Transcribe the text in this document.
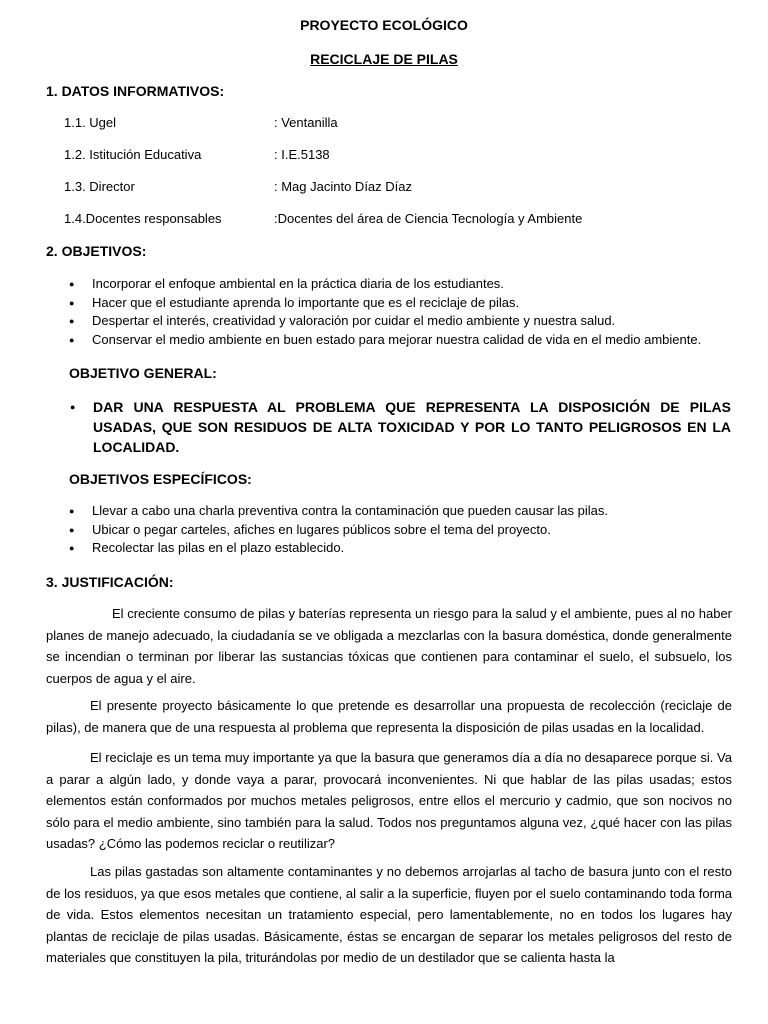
PROYECTO ECOLÓGICO
RECICLAJE DE PILAS
1. DATOS INFORMATIVOS:
1.1. Ugel	: Ventanilla
1.2. Istitución Educativa	: I.E.5138
1.3. Director	: Mag Jacinto Díaz Díaz
1.4.Docentes responsables	:Docentes del área de Ciencia Tecnología y Ambiente
2. OBJETIVOS:
● Incorporar el enfoque ambiental en la práctica diaria de los estudiantes.
● Hacer que el estudiante aprenda lo importante que es el reciclaje de pilas.
● Despertar el interés, creatividad y valoración por cuidar el medio ambiente y nuestra salud.
● Conservar el medio ambiente en buen estado para mejorar nuestra calidad de vida en el medio ambiente.
OBJETIVO GENERAL:
● DAR UNA RESPUESTA AL PROBLEMA QUE REPRESENTA LA DISPOSICIÓN DE PILAS USADAS, QUE SON RESIDUOS DE ALTA TOXICIDAD Y POR LO TANTO PELIGROSOS EN LA LOCALIDAD.
OBJETIVOS ESPECÍFICOS:
● Llevar a cabo una charla preventiva contra la contaminación que pueden causar las pilas.
● Ubicar o pegar carteles, afiches en lugares públicos sobre el tema del proyecto.
● Recolectar las pilas en el plazo establecido.
3. JUSTIFICACIÓN:
El creciente consumo de pilas y baterías representa un riesgo para la salud y el ambiente, pues al no haber planes de manejo adecuado, la ciudadanía se ve obligada a mezclarlas con la basura doméstica, donde generalmente se incendian o terminan por liberar las sustancias tóxicas que contienen para contaminar el suelo, el subsuelo, los cuerpos de agua y el aire.
El presente proyecto básicamente lo que pretende es desarrollar una propuesta de recolección (reciclaje de pilas), de manera que de una respuesta al problema que representa la disposición de pilas usadas en la localidad.
El reciclaje es un tema muy importante ya que la basura que generamos día a día no desaparece porque si. Va a parar a algún lado, y donde vaya a parar, provocará inconvenientes. Ni que hablar de las pilas usadas; estos elementos están conformados por muchos metales peligrosos, entre ellos el mercurio y cadmio, que son nocivos no sólo para el medio ambiente, sino también para la salud. Todos nos preguntamos alguna vez, ¿qué hacer con las pilas usadas? ¿Cómo las podemos reciclar o reutilizar?
Las pilas gastadas son altamente contaminantes y no debemos arrojarlas al tacho de basura junto con el resto de los residuos, ya que esos metales que contiene, al salir a la superficie, fluyen por el suelo contaminando toda forma de vida. Estos elementos necesitan un tratamiento especial, pero lamentablemente, no en todos los lugares hay plantas de reciclaje de pilas usadas. Básicamente, éstas se encargan de separar los metales peligrosos del resto de materiales que constituyen la pila, triturándolas por medio de un destilador que se calienta hasta la
